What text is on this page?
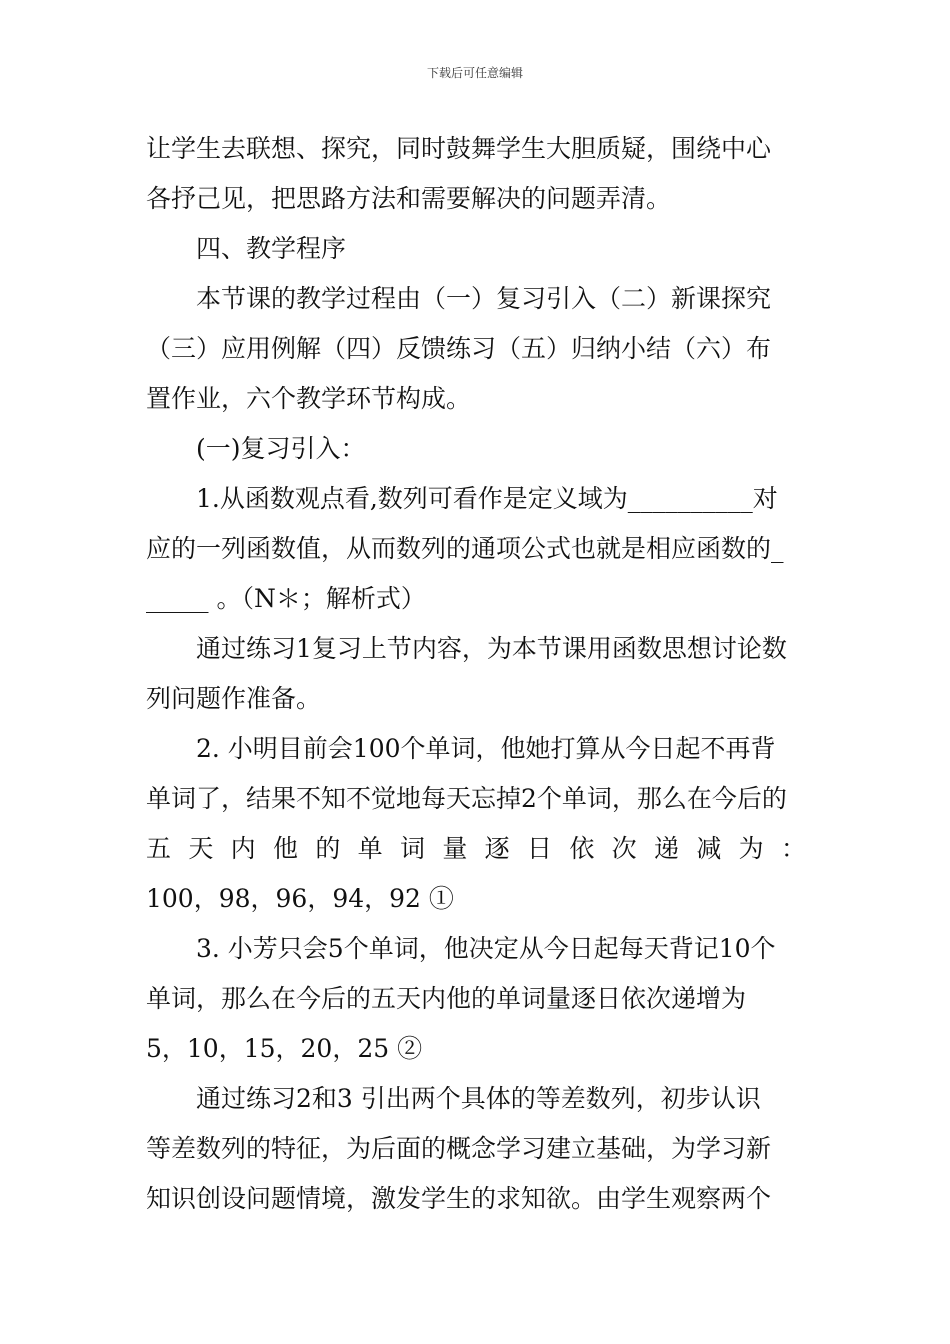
下载后可任意编辑
让学生去联想、探究，同时鼓舞学生大胆质疑，围绕中心
各抒己见，把思路方法和需要解决的问题弄清。
　　四、教学程序
　　本节课的教学过程由（一）复习引入（二）新课探究
（三）应用例解（四）反馈练习（五）归纳小结（六）布
置作业，六个教学环节构成。
　　(一)复习引入：
　　1.从函数观点看,数列可看作是定义域为__________对
应的一列函数值，从而数列的通项公式也就是相应函数的_
_____ 。（N＊；解析式）
　　通过练习1复习上节内容，为本节课用函数思想讨论数
列问题作准备。
　　2. 小明目前会100个单词，他她打算从今日起不再背
单词了，结果不知不觉地每天忘掉2个单词，那么在今后的
五天内他的单词量逐日依次递减为：
100，98，96，94，92 ①
　　3. 小芳只会5个单词，他决定从今日起每天背记10个
单词，那么在今后的五天内他的单词量逐日依次递增为
5，10，15，20，25 ②
　　通过练习2和3 引出两个具体的等差数列，初步认识
等差数列的特征，为后面的概念学习建立基础，为学习新
知识创设问题情境，激发学生的求知欲。由学生观察两个
